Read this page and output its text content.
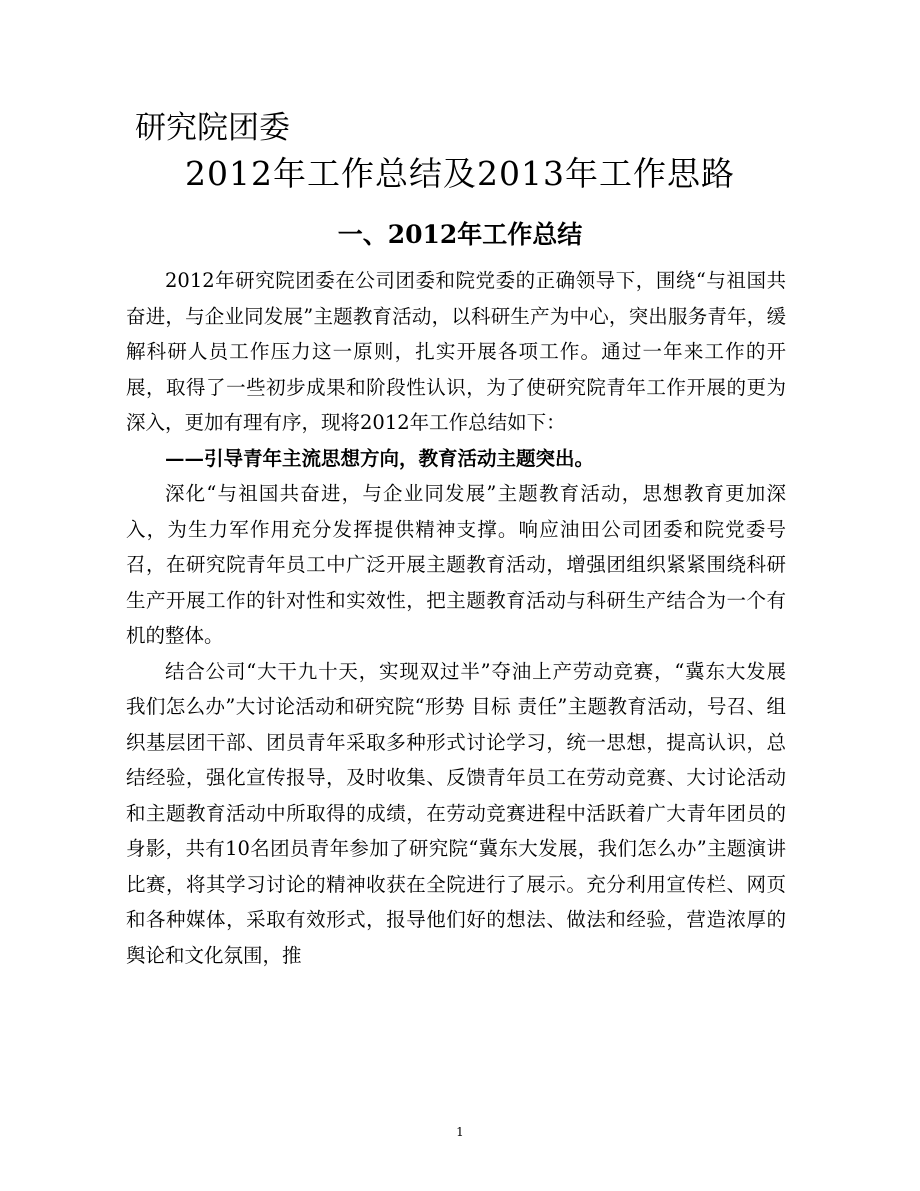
研究院团委
2012年工作总结及2013年工作思路
一、2012年工作总结

2012年研究院团委在公司团委和院党委的正确领导下，围绕“与祖国共奋进，与企业同发展”主题教育活动，以科研生产为中心，突出服务青年，缓解科研人员工作压力这一原则，扎实开展各项工作。通过一年来工作的开展，取得了一些初步成果和阶段性认识，为了使研究院青年工作开展的更为深入，更加有理有序，现将2012年工作总结如下：

——引导青年主流思想方向，教育活动主题突出。

深化“与祖国共奋进，与企业同发展”主题教育活动，思想教育更加深入，为生力军作用充分发挥提供精神支撑。响应油田公司团委和院党委号召，在研究院青年员工中广泛开展主题教育活动，增强团组织紧紧围绕科研生产开展工作的针对性和实效性，把主题教育活动与科研生产结合为一个有机的整体。

结合公司“大干九十天，实现双过半”夺油上产劳动竞赛，“冀东大发展 我们怎么办”大讨论活动和研究院“形势 目标 责任”主题教育活动，号召、组织基层团干部、团员青年采取多种形式讨论学习，统一思想，提高认识，总结经验，强化宣传报导，及时收集、反馈青年员工在劳动竞赛、大讨论活动和主题教育活动中所取得的成绩，在劳动竞赛进程中活跃着广大青年团员的身影，共有10名团员青年参加了研究院“冀东大发展，我们怎么办”主题演讲比赛，将其学习讨论的精神收获在全院进行了展示。充分利用宣传栏、网页和各种媒体，采取有效形式，报导他们好的想法、做法和经验，营造浓厚的舆论和文化氛围，推

1
